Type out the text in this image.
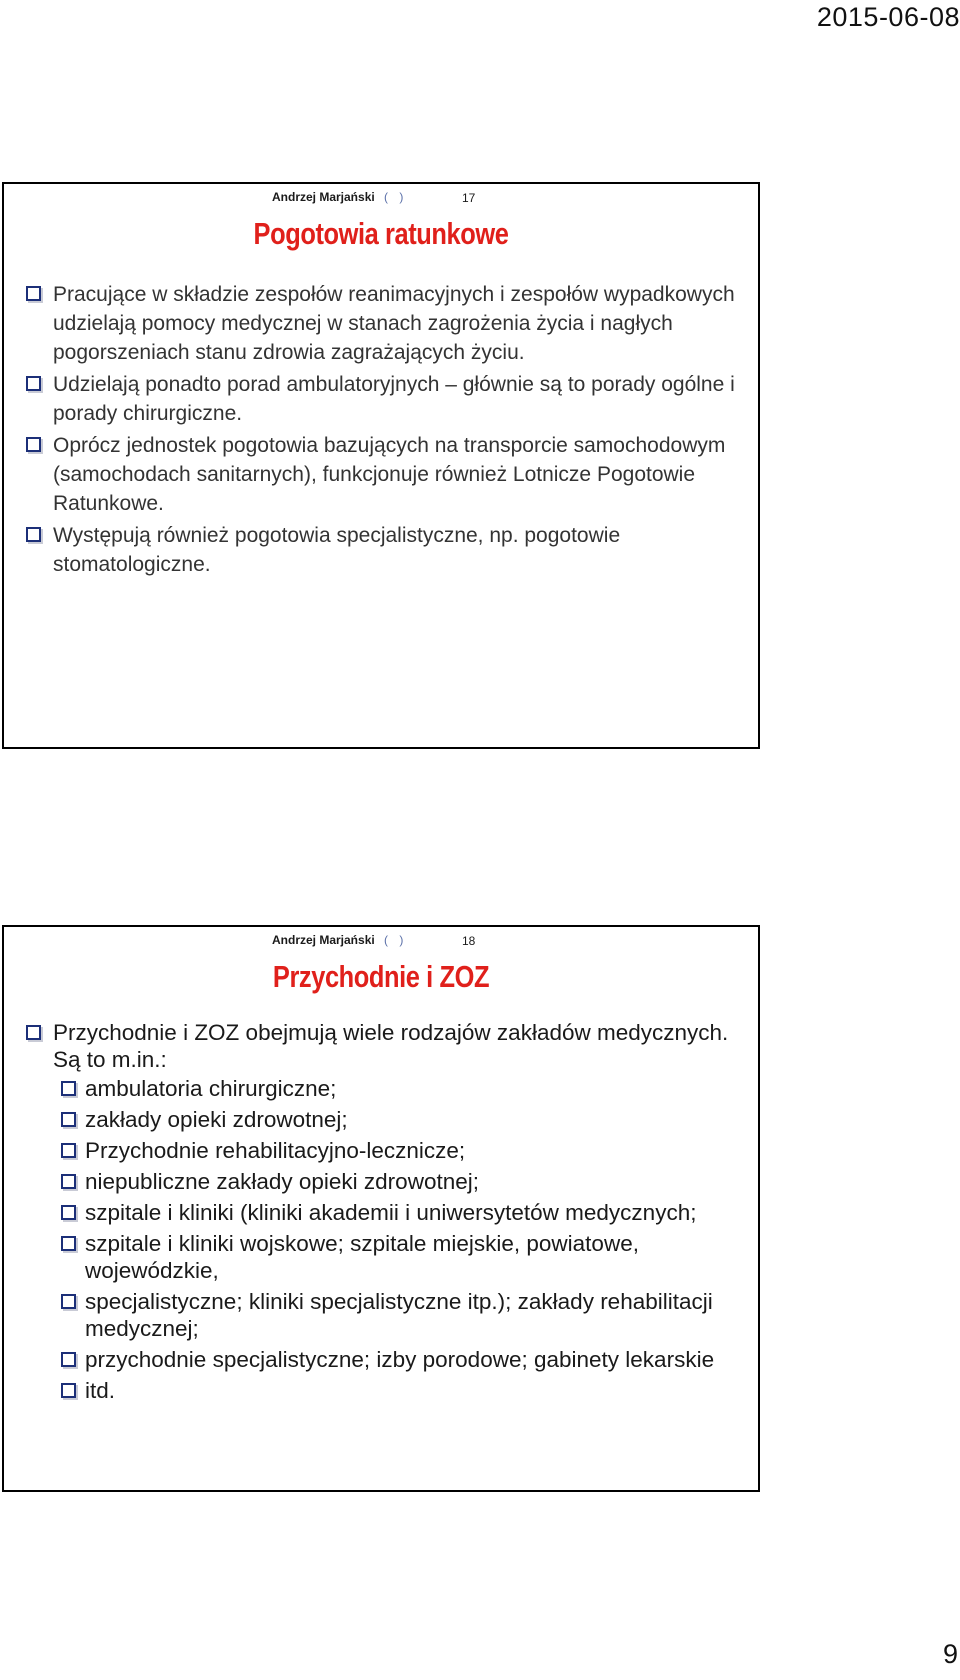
2015-06-08
Andrzej Marjański ( )	17
Pogotowia ratunkowe
Pracujące w składzie zespołów reanimacyjnych i zespołów wypadkowych udzielają pomocy medycznej w stanach zagrożenia życia i nagłych pogorszeniach stanu zdrowia zagrażających życiu.
Udzielają ponadto porad ambulatoryjnych – głównie są to porady ogólne i porady chirurgiczne.
Oprócz jednostek pogotowia bazujących na transporcie samochodowym (samochodach sanitarnych), funkcjonuje również Lotnicze Pogotowie Ratunkowe.
Występują również pogotowia specjalistyczne, np. pogotowie stomatologiczne.
Andrzej Marjański ( )	18
Przychodnie i ZOZ
Przychodnie i ZOZ obejmują wiele rodzajów zakładów medycznych. Są to m.in.:
ambulatoria chirurgiczne;
zakłady opieki zdrowotnej;
Przychodnie rehabilitacyjno-lecznicze;
niepubliczne zakłady opieki zdrowotnej;
szpitale i kliniki (kliniki akademii i uniwersytetów medycznych;
szpitale i kliniki wojskowe; szpitale miejskie, powiatowe, wojewódzkie,
specjalistyczne; kliniki specjalistyczne itp.); zakłady rehabilitacji medycznej;
przychodnie specjalistyczne; izby porodowe; gabinety lekarskie
itd.
9
